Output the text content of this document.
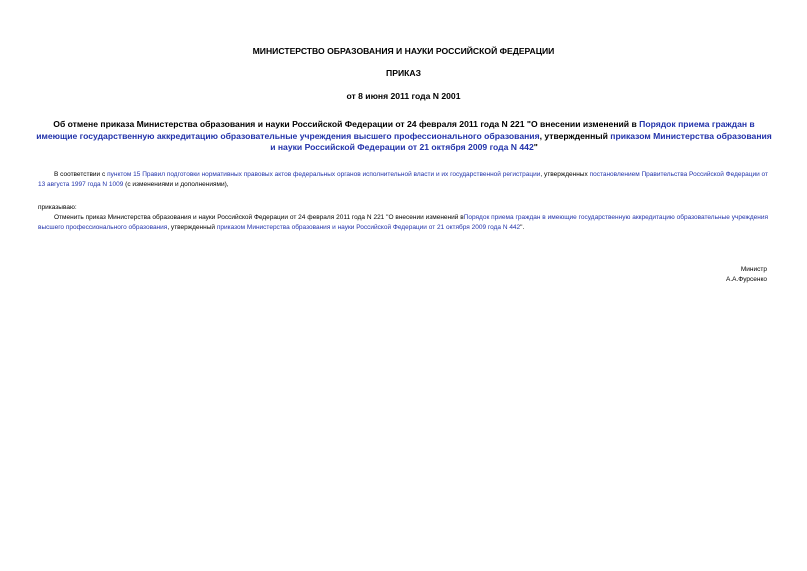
МИНИСТЕРСТВО ОБРАЗОВАНИЯ И НАУКИ РОССИЙСКОЙ ФЕДЕРАЦИИ
ПРИКАЗ
от 8 июня 2011 года N 2001
Об отмене приказа Министерства образования и науки Российской Федерации от 24 февраля 2011 года N 221 "О внесении изменений в Порядок приема граждан в имеющие государственную аккредитацию образовательные учреждения высшего профессионального образования, утвержденный приказом Министерства образования и науки Российской Федерации от 21 октября 2009 года N 442"
В соответствии с пунктом 15 Правил подготовки нормативных правовых актов федеральных органов исполнительной власти и их государственной регистрации, утвержденных постановлением Правительства Российской Федерации от 13 августа 1997 года N 1009 (с изменениями и дополнениями),
приказываю:
Отменить приказ Министерства образования и науки Российской Федерации от 24 февраля 2011 года N 221 "О внесении изменений вПорядок приема граждан в имеющие государственную аккредитацию образовательные учреждения высшего профессионального образования, утвержденный приказом Министерства образования и науки Российской Федерации от 21 октября 2009 года N 442".
Министр
А.А.Фурсенко
